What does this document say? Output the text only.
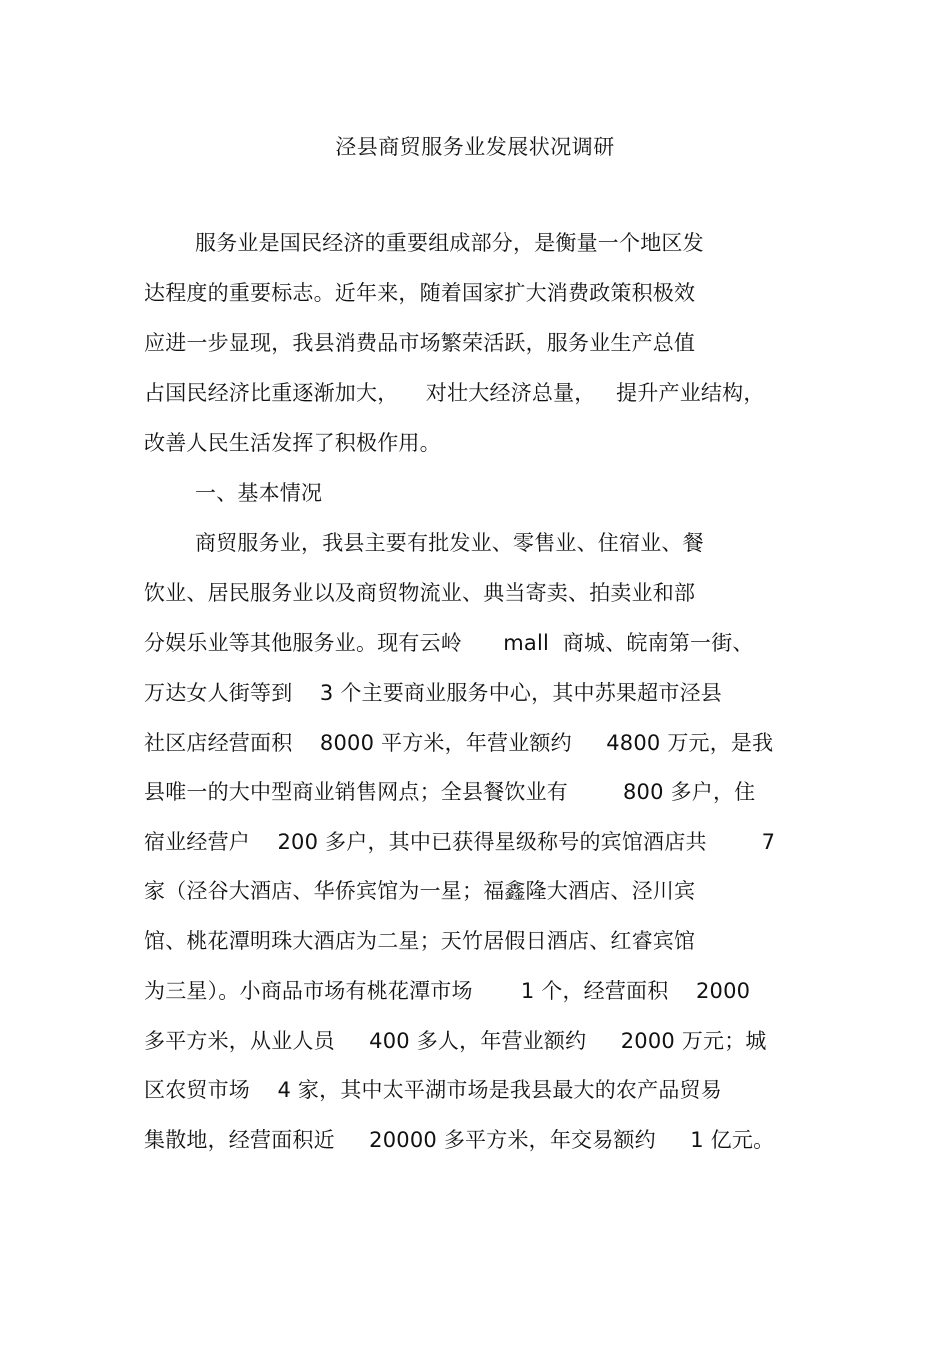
泾县商贸服务业发展状况调研
服务业是国民经济的重要组成部分，是衡量一个地区发
达程度的重要标志。近年来，随着国家扩大消费政策积极效
应进一步显现，我县消费品市场繁荣活跃，服务业生产总值
占国民经济比重逐渐加大，    对壮大经济总量，   提升产业结构，
改善人民生活发挥了积极作用。
一、基本情况
商贸服务业，我县主要有批发业、零售业、住宿业、餐
饮业、居民服务业以及商贸物流业、典当寄卖、拍卖业和部
分娱乐业等其他服务业。现有云岭      mall  商城、皖南第一街、
万达女人街等到    3 个主要商业服务中心，其中苏果超市泾县
社区店经营面积    8000 平方米，年营业额约     4800 万元，是我
县唯一的大中型商业销售网点；全县餐饮业有        800 多户，住
宿业经营户    200 多户，其中已获得星级称号的宾馆酒店共        7
家（泾谷大酒店、华侨宾馆为一星；福鑫隆大酒店、泾川宾
馆、桃花潭明珠大酒店为二星；天竹居假日酒店、红睿宾馆
为三星）。小商品市场有桃花潭市场       1 个，经营面积    2000
多平方米，从业人员     400 多人，年营业额约     2000 万元；城
区农贸市场    4 家，其中太平湖市场是我县最大的农产品贸易
集散地，经营面积近     20000 多平方米，年交易额约     1 亿元。
